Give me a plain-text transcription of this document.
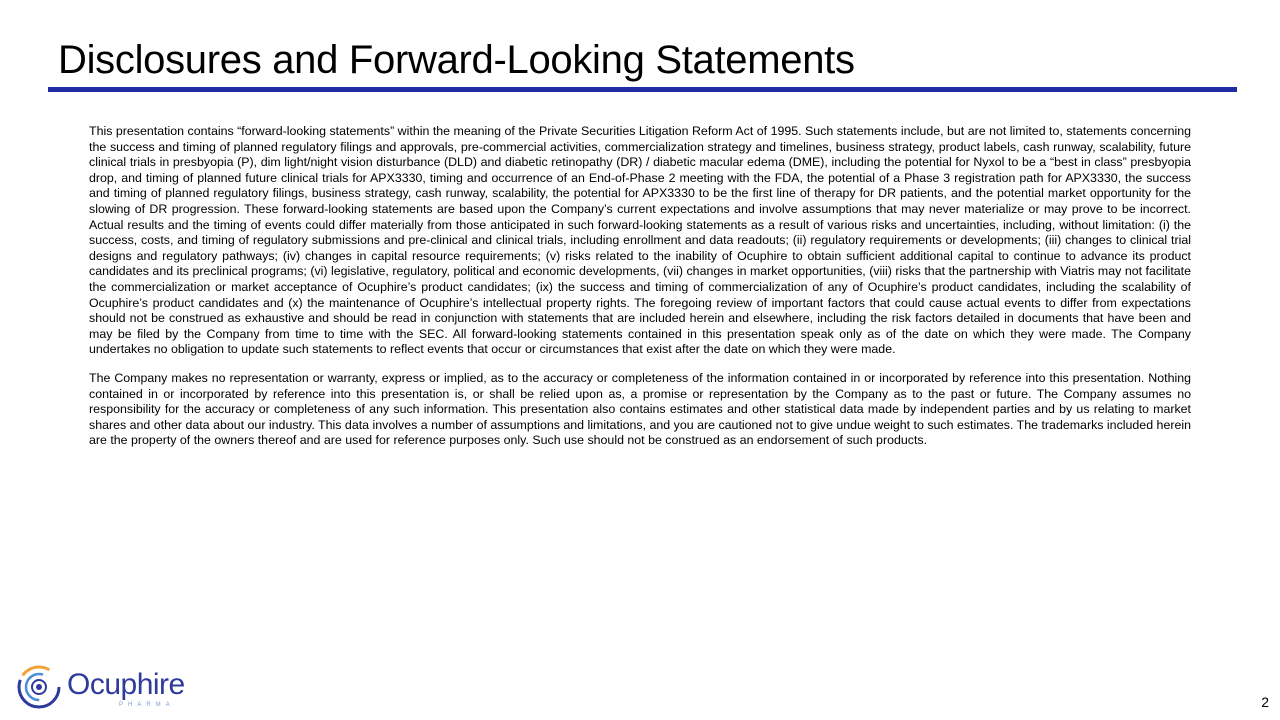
Disclosures and Forward-Looking Statements

This presentation contains “forward-looking statements” within the meaning of the Private Securities Litigation Reform Act of 1995. Such statements include, but are not limited to, statements concerning the success and timing of planned regulatory filings and approvals, pre-commercial activities, commercialization strategy and timelines, business strategy, product labels, cash runway, scalability, future clinical trials in presbyopia (P), dim light/night vision disturbance (DLD) and diabetic retinopathy (DR) / diabetic macular edema (DME), including the potential for Nyxol to be a “best in class” presbyopia drop, and timing of planned future clinical trials for APX3330, timing and occurrence of an End-of-Phase 2 meeting with the FDA, the potential of a Phase 3 registration path for APX3330, the success and timing of planned regulatory filings, business strategy, cash runway, scalability, the potential for APX3330 to be the first line of therapy for DR patients, and the potential market opportunity for the slowing of DR progression. These forward-looking statements are based upon the Company’s current expectations and involve assumptions that may never materialize or may prove to be incorrect. Actual results and the timing of events could differ materially from those anticipated in such forward-looking statements as a result of various risks and uncertainties, including, without limitation: (i) the success, costs, and timing of regulatory submissions and pre-clinical and clinical trials, including enrollment and data readouts; (ii) regulatory requirements or developments; (iii) changes to clinical trial designs and regulatory pathways; (iv) changes in capital resource requirements; (v) risks related to the inability of Ocuphire to obtain sufficient additional capital to continue to advance its product candidates and its preclinical programs; (vi) legislative, regulatory, political and economic developments, (vii) changes in market opportunities, (viii) risks that the partnership with Viatris may not facilitate the commercialization or market acceptance of Ocuphire’s product candidates; (ix) the success and timing of commercialization of any of Ocuphire’s product candidates, including the scalability of Ocuphire’s product candidates and (x) the maintenance of Ocuphire’s intellectual property rights. The foregoing review of important factors that could cause actual events to differ from expectations should not be construed as exhaustive and should be read in conjunction with statements that are included herein and elsewhere, including the risk factors detailed in documents that have been and may be filed by the Company from time to time with the SEC. All forward-looking statements contained in this presentation speak only as of the date on which they were made. The Company undertakes no obligation to update such statements to reflect events that occur or circumstances that exist after the date on which they were made.

The Company makes no representation or warranty, express or implied, as to the accuracy or completeness of the information contained in or incorporated by reference into this presentation. Nothing contained in or incorporated by reference into this presentation is, or shall be relied upon as, a promise or representation by the Company as to the past or future. The Company assumes no responsibility for the accuracy or completeness of any such information. This presentation also contains estimates and other statistical data made by independent parties and by us relating to market shares and other data about our industry. This data involves a number of assumptions and limitations, and you are cautioned not to give undue weight to such estimates. The trademarks included herein are the property of the owners thereof and are used for reference purposes only. Such use should not be construed as an endorsement of such products.

Ocuphire
PHARMA	2
